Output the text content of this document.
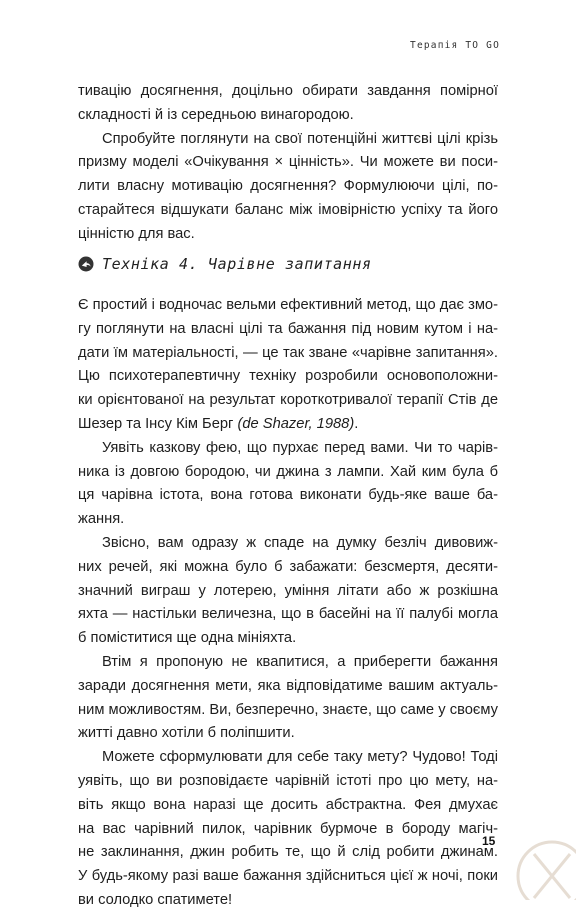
Терапія TO GO
тивацію досягнення, доцільно обирати завдання помірної
складності й із середньою винагородою.
Спробуйте поглянути на свої потенційні життєві цілі крізь
призму моделі «Очікування × цінність». Чи можете ви поси-
лити власну мотивацію досягнення? Формулюючи цілі, по-
старайтеся відшукати баланс між імовірністю успіху та його
цінністю для вас.
Техніка 4. Чарівне запитання
Є простий і водночас вельми ефективний метод, що дає змо-
гу поглянути на власні цілі та бажання під новим кутом і на-
дати їм матеріальності, — це так зване «чарівне запитання».
Цю психотерапевтичну техніку розробили основоположни-
ки орієнтованої на результат короткотривалої терапії Стів де
Шезер та Інсу Кім Берг (de Shazer, 1988).
Уявіть казкову фею, що пурхає перед вами. Чи то чарів-
ника із довгою бородою, чи джина з лампи. Хай ким була б
ця чарівна істота, вона готова виконати будь-яке ваше ба-
жання.
Звісно, вам одразу ж спаде на думку безліч дивовиж-
них речей, які можна було б забажати: безсмертя, десяти-
значний виграш у лотерею, уміння літати або ж розкішна
яхта — настільки величезна, що в басейні на її палубі могла
б поміститися ще одна мініяхта.
Втім я пропоную не квапитися, а приберегти бажання
заради досягнення мети, яка відповідатиме вашим актуаль-
ним можливостям. Ви, безперечно, знаєте, що саме у своєму
житті давно хотіли б поліпшити.
Можете сформулювати для себе таку мету? Чудово! Тоді
уявіть, що ви розповідаєте чарівній істоті про цю мету, на-
віть якщо вона наразі ще досить абстрактна. Фея дмухає
на вас чарівний пилок, чарівник бурмоче в бороду магіч-
не заклинання, джин робить те, що й слід робити джинам.
У будь-якому разі ваше бажання здійсниться цієї ж ночі, поки
ви солодко спатимете!
15
